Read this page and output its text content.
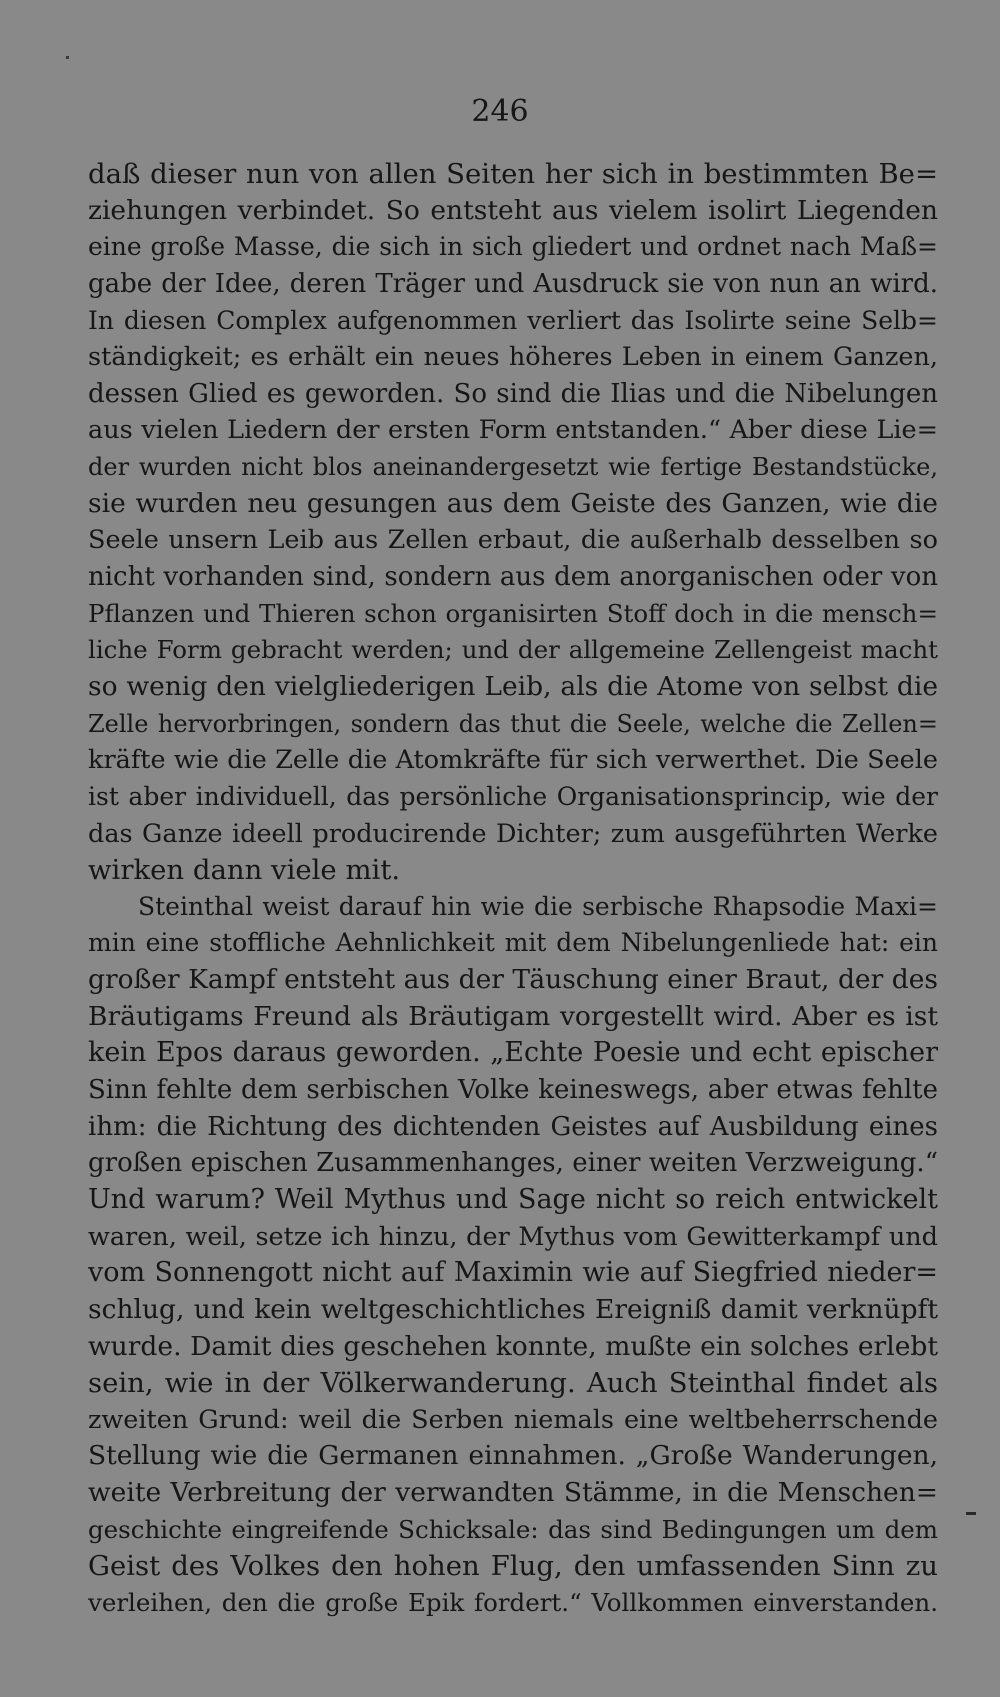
246
daß dieser nun von allen Seiten her sich in bestimmten Be=
ziehungen verbindet. So entsteht aus vielem isolirt Liegenden
eine große Masse, die sich in sich gliedert und ordnet nach Maß=
gabe der Idee, deren Träger und Ausdruck sie von nun an wird.
In diesen Complex aufgenommen verliert das Isolirte seine Selb=
ständigkeit; es erhält ein neues höheres Leben in einem Ganzen,
dessen Glied es geworden. So sind die Ilias und die Nibelungen
aus vielen Liedern der ersten Form entstanden.“ Aber diese Lie=
der wurden nicht blos aneinandergesetzt wie fertige Bestandstücke,
sie wurden neu gesungen aus dem Geiste des Ganzen, wie die
Seele unsern Leib aus Zellen erbaut, die außerhalb desselben so
nicht vorhanden sind, sondern aus dem anorganischen oder von
Pflanzen und Thieren schon organisirten Stoff doch in die mensch=
liche Form gebracht werden; und der allgemeine Zellengeist macht
so wenig den vielgliederigen Leib, als die Atome von selbst die
Zelle hervorbringen, sondern das thut die Seele, welche die Zellen=
kräfte wie die Zelle die Atomkräfte für sich verwerthet. Die Seele
ist aber individuell, das persönliche Organisationsprincip, wie der
das Ganze ideell producirende Dichter; zum ausgeführten Werke
wirken dann viele mit.
Steinthal weist darauf hin wie die serbische Rhapsodie Maxi=
min eine stoffliche Aehnlichkeit mit dem Nibelungenliede hat: ein
großer Kampf entsteht aus der Täuschung einer Braut, der des
Bräutigams Freund als Bräutigam vorgestellt wird. Aber es ist
kein Epos daraus geworden. „Echte Poesie und echt epischer
Sinn fehlte dem serbischen Volke keineswegs, aber etwas fehlte
ihm: die Richtung des dichtenden Geistes auf Ausbildung eines
großen epischen Zusammenhanges, einer weiten Verzweigung.“
Und warum? Weil Mythus und Sage nicht so reich entwickelt
waren, weil, setze ich hinzu, der Mythus vom Gewitterkampf und
vom Sonnengott nicht auf Maximin wie auf Siegfried nieder=
schlug, und kein weltgeschichtliches Ereigniß damit verknüpft
wurde. Damit dies geschehen konnte, mußte ein solches erlebt
sein, wie in der Völkerwanderung. Auch Steinthal findet als
zweiten Grund: weil die Serben niemals eine weltbeherrschende
Stellung wie die Germanen einnahmen. „Große Wanderungen,
weite Verbreitung der verwandten Stämme, in die Menschen=
geschichte eingreifende Schicksale: das sind Bedingungen um dem
Geist des Volkes den hohen Flug, den umfassenden Sinn zu
verleihen, den die große Epik fordert.“ Vollkommen einverstanden.
